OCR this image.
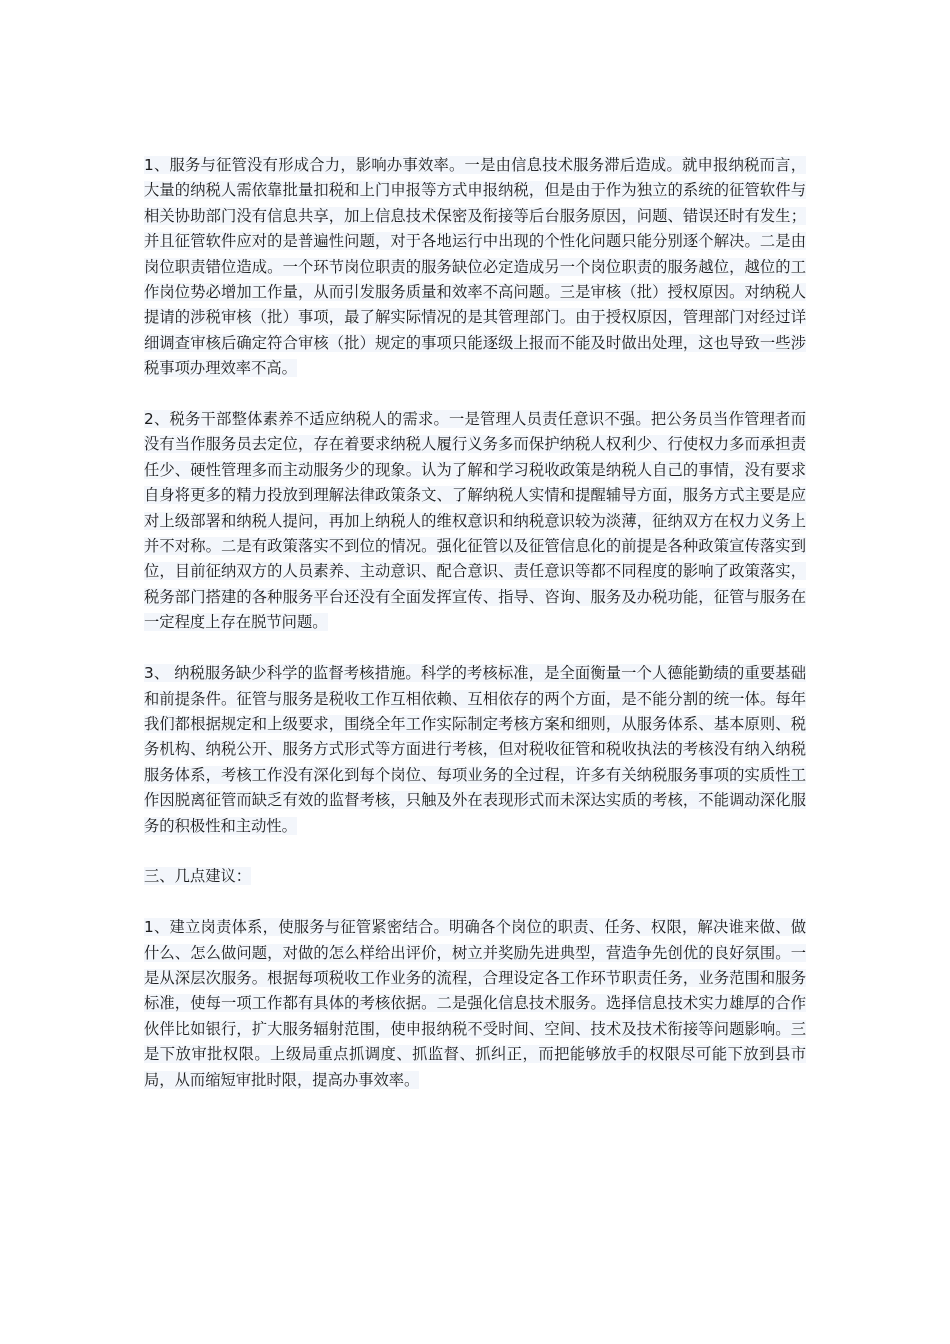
1、服务与征管没有形成合力，影响办事效率。一是由信息技术服务滞后造成。就申报纳税而言，大量的纳税人需依靠批量扣税和上门申报等方式申报纳税，但是由于作为独立的系统的征管软件与相关协助部门没有信息共享，加上信息技术保密及衔接等后台服务原因，问题、错误还时有发生；并且征管软件应对的是普遍性问题，对于各地运行中出现的个性化问题只能分别逐个解决。二是由岗位职责错位造成。一个环节岗位职责的服务缺位必定造成另一个岗位职责的服务越位，越位的工作岗位势必增加工作量，从而引发服务质量和效率不高问题。三是审核（批）授权原因。对纳税人提请的涉税审核（批）事项，最了解实际情况的是其管理部门。由于授权原因，管理部门对经过详细调查审核后确定符合审核（批）规定的事项只能逐级上报而不能及时做出处理，这也导致一些涉税事项办理效率不高。

2、税务干部整体素养不适应纳税人的需求。一是管理人员责任意识不强。把公务员当作管理者而没有当作服务员去定位，存在着要求纳税人履行义务多而保护纳税人权利少、行使权力多而承担责任少、硬性管理多而主动服务少的现象。认为了解和学习税收政策是纳税人自己的事情，没有要求自身将更多的精力投放到理解法律政策条文、了解纳税人实情和提醒辅导方面，服务方式主要是应对上级部署和纳税人提问，再加上纳税人的维权意识和纳税意识较为淡薄，征纳双方在权力义务上并不对称。二是有政策落实不到位的情况。强化征管以及征管信息化的前提是各种政策宣传落实到位，目前征纳双方的人员素养、主动意识、配合意识、责任意识等都不同程度的影响了政策落实，税务部门搭建的各种服务平台还没有全面发挥宣传、指导、咨询、服务及办税功能，征管与服务在一定程度上存在脱节问题。

3、 纳税服务缺少科学的监督考核措施。科学的考核标准，是全面衡量一个人德能勤绩的重要基础和前提条件。征管与服务是税收工作互相依赖、互相依存的两个方面，是不能分割的统一体。每年我们都根据规定和上级要求，围绕全年工作实际制定考核方案和细则，从服务体系、基本原则、税务机构、纳税公开、服务方式形式等方面进行考核，但对税收征管和税收执法的考核没有纳入纳税服务体系，考核工作没有深化到每个岗位、每项业务的全过程，许多有关纳税服务事项的实质性工作因脱离征管而缺乏有效的监督考核，只触及外在表现形式而未深达实质的考核，不能调动深化服务的积极性和主动性。

三、几点建议：

1、建立岗责体系，使服务与征管紧密结合。明确各个岗位的职责、任务、权限，解决谁来做、做什么、怎么做问题，对做的怎么样给出评价，树立并奖励先进典型，营造争先创优的良好氛围。一是从深层次服务。根据每项税收工作业务的流程，合理设定各工作环节职责任务，业务范围和服务标准，使每一项工作都有具体的考核依据。二是强化信息技术服务。选择信息技术实力雄厚的合作伙伴比如银行，扩大服务辐射范围，使申报纳税不受时间、空间、技术及技术衔接等问题影响。三是下放审批权限。上级局重点抓调度、抓监督、抓纠正，而把能够放手的权限尽可能下放到县市局，从而缩短审批时限，提高办事效率。
